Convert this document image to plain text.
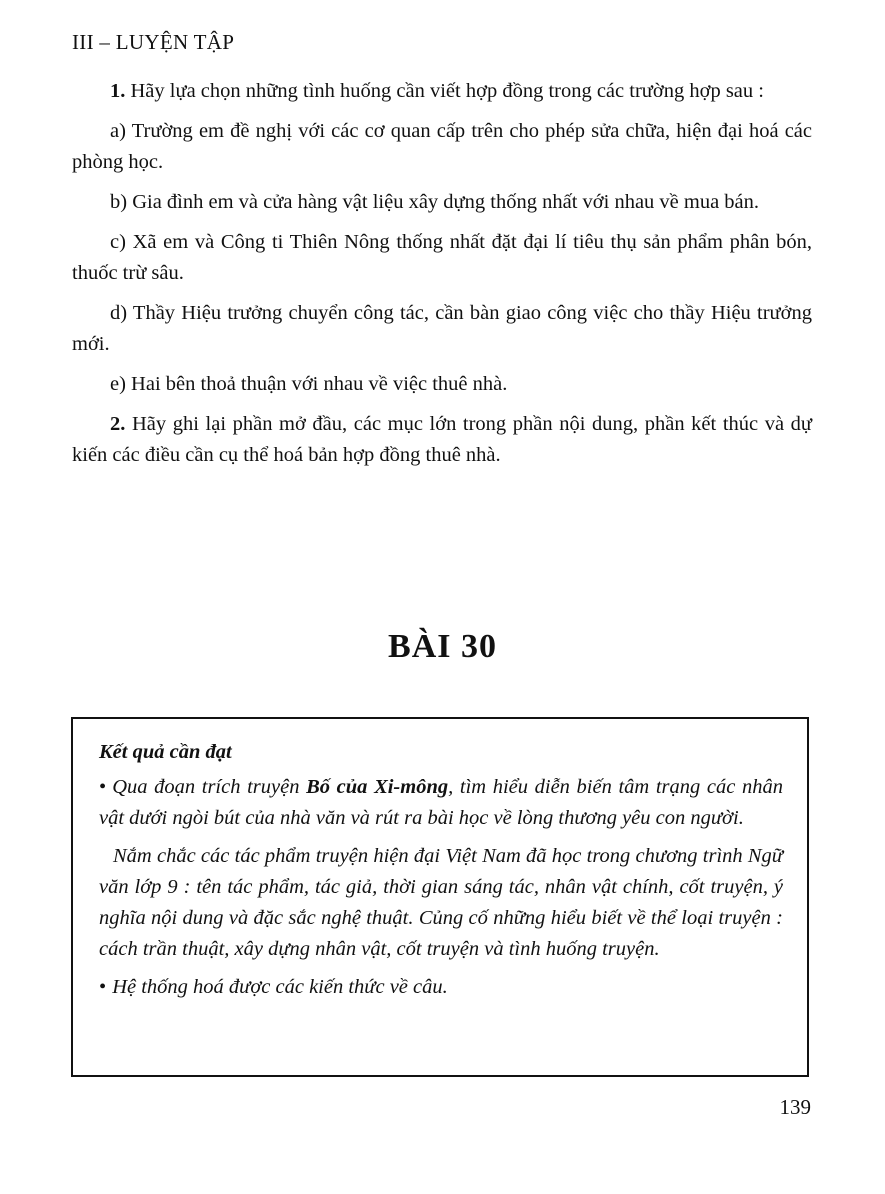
III – LUYỆN TẬP

1. Hãy lựa chọn những tình huống cần viết hợp đồng trong các trường hợp sau :

a) Trường em đề nghị với các cơ quan cấp trên cho phép sửa chữa, hiện đại hoá các phòng học.

b) Gia đình em và cửa hàng vật liệu xây dựng thống nhất với nhau về mua bán.

c) Xã em và Công ti Thiên Nông thống nhất đặt đại lí tiêu thụ sản phẩm phân bón, thuốc trừ sâu.

d) Thầy Hiệu trưởng chuyển công tác, cần bàn giao công việc cho thầy Hiệu trưởng mới.

e) Hai bên thoả thuận với nhau về việc thuê nhà.

2. Hãy ghi lại phần mở đầu, các mục lớn trong phần nội dung, phần kết thúc và dự kiến các điều cần cụ thể hoá bản hợp đồng thuê nhà.

BÀI 30
Kết quả cần đạt

• Qua đoạn trích truyện Bố của Xi-mông, tìm hiểu diễn biến tâm trạng các nhân vật dưới ngòi bút của nhà văn và rút ra bài học về lòng thương yêu con người.

Nắm chắc các tác phẩm truyện hiện đại Việt Nam đã học trong chương trình Ngữ văn lớp 9 : tên tác phẩm, tác giả, thời gian sáng tác, nhân vật chính, cốt truyện, ý nghĩa nội dung và đặc sắc nghệ thuật. Củng cố những hiểu biết về thể loại truyện : cách trần thuật, xây dựng nhân vật, cốt truyện và tình huống truyện.

• Hệ thống hoá được các kiến thức về câu.

139
